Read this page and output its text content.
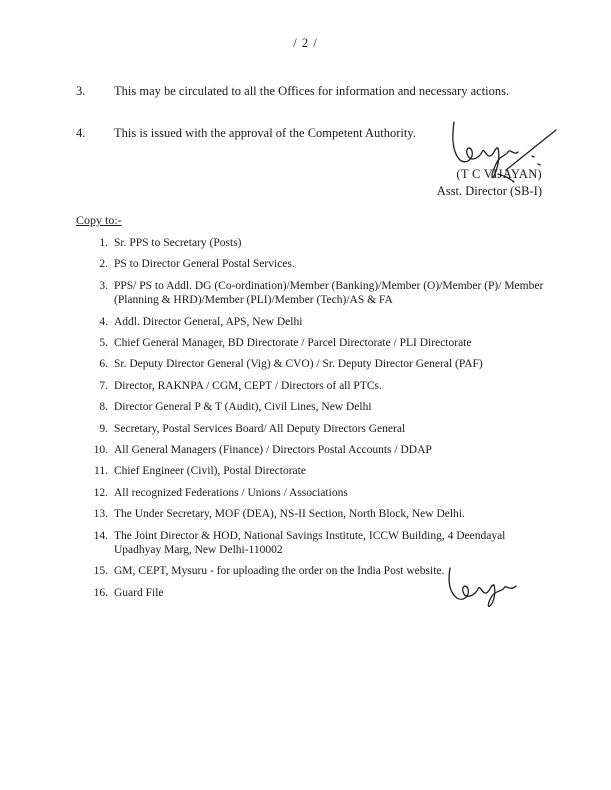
/ 2 /
3. This may be circulated to all the Offices for information and necessary actions.
4. This is issued with the approval of the Competent Authority.
(T C VIJAYAN)
Asst. Director (SB-I)
Copy to:-
1. Sr. PPS to Secretary (Posts)
2. PS to Director General Postal Services.
3. PPS/ PS to Addl. DG (Co-ordination)/Member (Banking)/Member (O)/Member (P)/ Member (Planning & HRD)/Member (PLI)/Member (Tech)/AS & FA
4. Addl. Director General, APS, New Delhi
5. Chief General Manager, BD Directorate / Parcel Directorate / PLI Directorate
6. Sr. Deputy Director General (Vig) & CVO) / Sr. Deputy Director General (PAF)
7. Director, RAKNPA / CGM, CEPT / Directors of all PTCs.
8. Director General P & T (Audit), Civil Lines, New Delhi
9. Secretary, Postal Services Board/ All Deputy Directors General
10. All General Managers (Finance) / Directors Postal Accounts / DDAP
11. Chief Engineer (Civil), Postal Directorate
12. All recognized Federations / Unions / Associations
13. The Under Secretary, MOF (DEA), NS-II Section, North Block, New Delhi.
14. The Joint Director & HOD, National Savings Institute, ICCW Building, 4 Deendayal Upadhyay Marg, New Delhi-110002
15. GM, CEPT, Mysuru - for uploading the order on the India Post website.
16. Guard File
